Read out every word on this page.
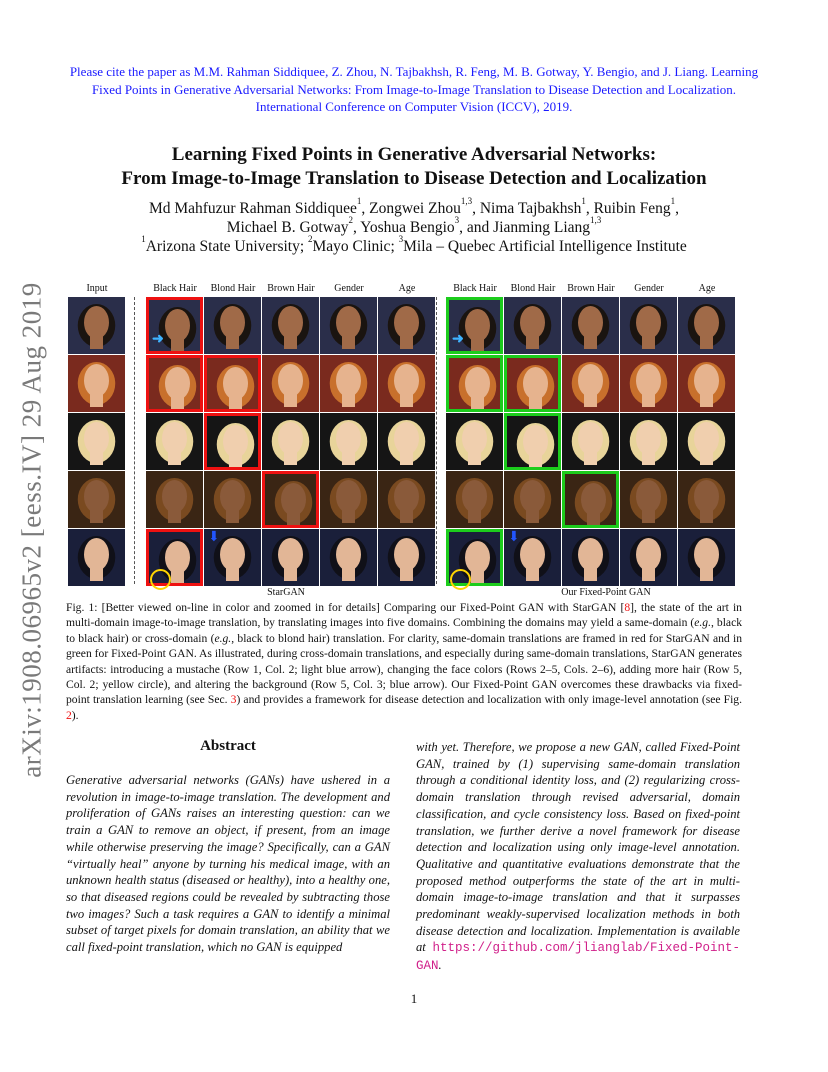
Please cite the paper as M.M. Rahman Siddiquee, Z. Zhou, N. Tajbakhsh, R. Feng, M. B. Gotway, Y. Bengio, and J. Liang. Learning Fixed Points in Generative Adversarial Networks: From Image-to-Image Translation to Disease Detection and Localization. International Conference on Computer Vision (ICCV), 2019.
Learning Fixed Points in Generative Adversarial Networks:
From Image-to-Image Translation to Disease Detection and Localization
Md Mahfuzur Rahman Siddiquee$^1$, Zongwei Zhou$^{1,3}$, Nima Tajbakhsh$^1$, Ruibin Feng$^1$,
Michael B. Gotway$^2$, Yoshua Bengio$^3$, and Jianming Liang$^{1,3}$
$^1$Arizona State University; $^2$Mayo Clinic; $^3$Mila – Quebec Artificial Intelligence Institute
arXiv:1908.06965v2 [eess.IV] 29 Aug 2019	Input	Black Hair	Blond Hair	Brown Hair	Gender	Age
➜
⬇
StarGAN
Black Hair	Blond Hair	Brown Hair	Gender	Age
➜
⬇
Our Fixed-Point GAN
Fig. 1: [Better viewed on-line in color and zoomed in for details] Comparing our Fixed-Point GAN with StarGAN [8], the state of the art in multi-domain image-to-image translation, by translating images into five domains. Combining the domains may yield a same-domain (e.g., black to black hair) or cross-domain (e.g., black to blond hair) translation. For clarity, same-domain translations are framed in red for StarGAN and in green for Fixed-Point GAN. As illustrated, during cross-domain translations, and especially during same-domain translations, StarGAN generates artifacts: introducing a mustache (Row 1, Col. 2; light blue arrow), changing the face colors (Rows 2–5, Cols. 2–6), adding more hair (Row 5, Col. 2; yellow circle), and altering the background (Row 5, Col. 3; blue arrow). Our Fixed-Point GAN overcomes these drawbacks via fixed-point translation learning (see Sec. 3) and provides a framework for disease detection and localization with only image-level annotation (see Fig. 2).
Abstract
Generative adversarial networks (GANs) have ushered in a revolution in image-to-image translation. The development and proliferation of GANs raises an interesting question: can we train a GAN to remove an object, if present, from an image while otherwise preserving the image? Specifically, can a GAN “virtually heal” anyone by turning his medical image, with an unknown health status (diseased or healthy), into a healthy one, so that diseased regions could be revealed by subtracting those two images? Such a task requires a GAN to identify a minimal subset of target pixels for domain translation, an ability that we call fixed-point translation, which no GAN is equipped
with yet. Therefore, we propose a new GAN, called Fixed-Point GAN, trained by (1) supervising same-domain translation through a conditional identity loss, and (2) regularizing cross-domain translation through revised adversarial, domain classification, and cycle consistency loss. Based on fixed-point translation, we further derive a novel framework for disease detection and localization using only image-level annotation. Qualitative and quantitative evaluations demonstrate that the proposed method outperforms the state of the art in multi-domain image-to-image translation and that it surpasses predominant weakly-supervised localization methods in both disease detection and localization. Implementation is available at https://github.com/jlianglab/Fixed-Point-GAN.
1
